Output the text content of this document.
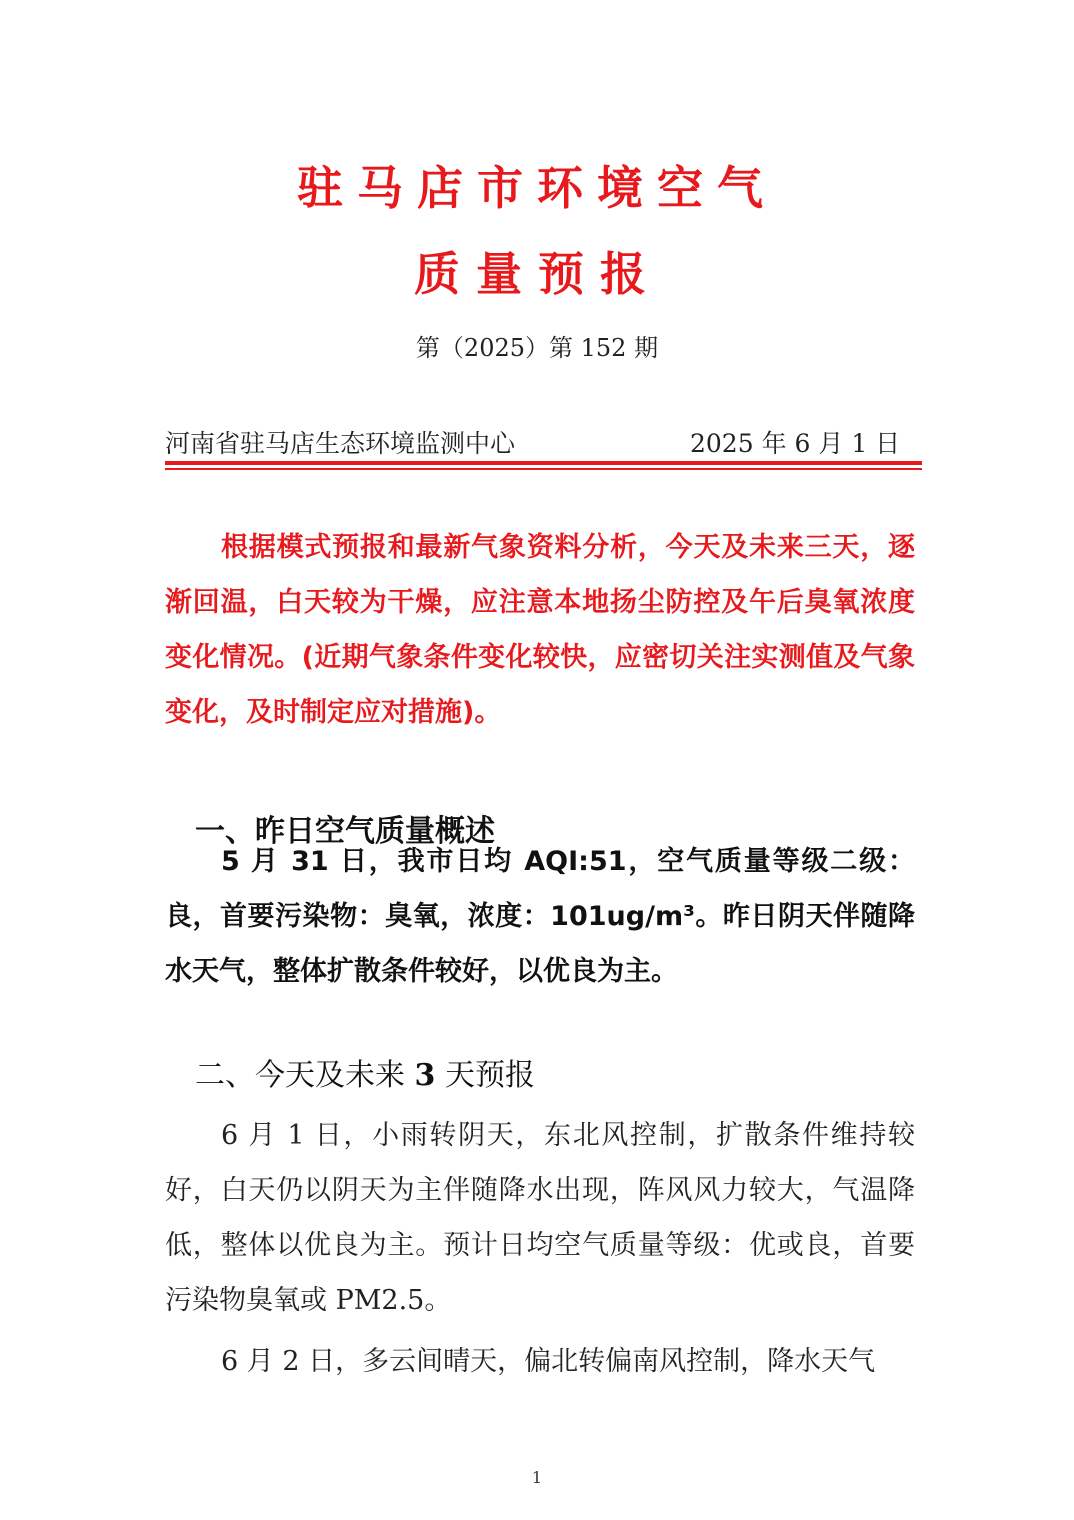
驻马店市环境空气
质量预报
第（2025）第 152 期
河南省驻马店生态环境监测中心	2025 年 6 月 1 日

根据模式预报和最新气象资料分析，今天及未来三天，逐渐回温，白天较为干燥，应注意本地扬尘防控及午后臭氧浓度变化情况。(近期气象条件变化较快，应密切关注实测值及气象变化，及时制定应对措施)。

一、昨日空气质量概述

5 月 31 日，我市日均 AQI:51，空气质量等级二级：良，首要污染物：臭氧，浓度：101ug/m³。昨日阴天伴随降水天气，整体扩散条件较好，以优良为主。

二、今天及未来 3 天预报

6 月 1 日，小雨转阴天，东北风控制，扩散条件维持较好，白天仍以阴天为主伴随降水出现，阵风风力较大，气温降低，整体以优良为主。预计日均空气质量等级：优或良，首要污染物臭氧或 PM2.5。

6 月 2 日，多云间晴天，偏北转偏南风控制，降水天气

1
